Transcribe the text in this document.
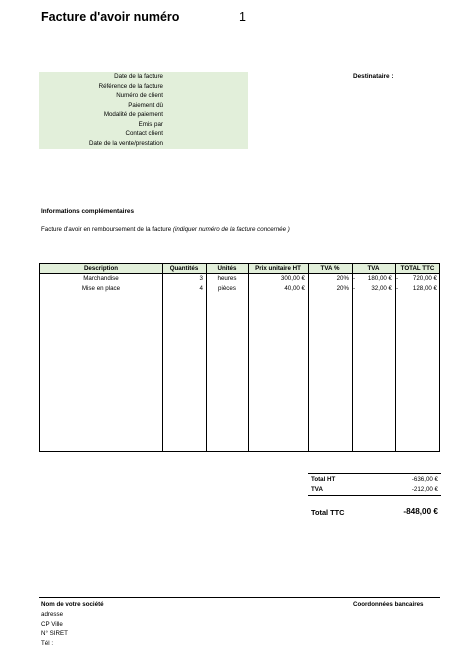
Facture d'avoir numéro	1
Date de la facture
Référence de la facture
Numéro de client
Paiement dû
Modalité de paiement
Emis par
Contact client
Date de la vente/prestation
Destinataire :
Informations complémentaires
Facture d'avoir en remboursement de la facture (indiquer numéro de la facture concernée )
Description	Quantités	Unités	Prix unitaire HT	TVA %	TVA	TOTAL TTC
Marchandise	3	heures	300,00 €	20% -	180,00 € -	720,00 €
Mise en place	4	pièces	40,00 €	20% -	32,00 € -	128,00 €
Total HT	-636,00 €
TVA	-212,00 €
Total TTC	-848,00 €
Nom de votre société
adresse
CP Ville
N° SIRET
Tél :
Coordonnées bancaires
